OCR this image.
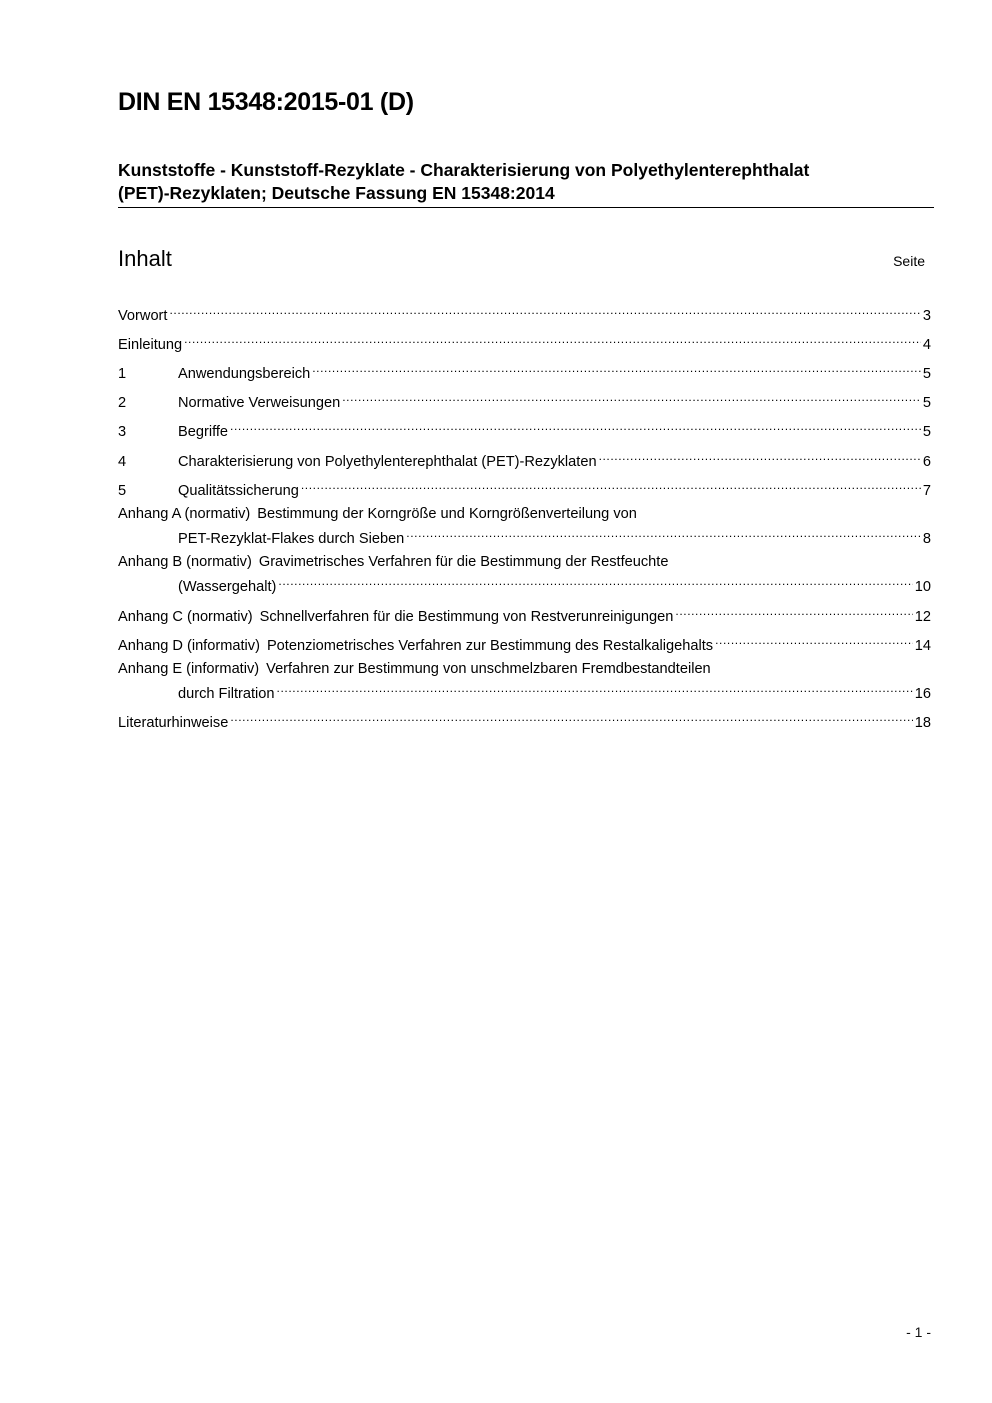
DIN EN 15348:2015-01 (D)
Kunststoffe - Kunststoff-Rezyklate - Charakterisierung von Polyethylenterephthalat
(PET)-Rezyklaten; Deutsche Fassung EN 15348:2014
Inhalt	Seite
Vorwort .....	3
Einleitung .....	4
1	Anwendungsbereich .....	5
2	Normative Verweisungen .....	5
3	Begriffe .....	5
4	Charakterisierung von Polyethylenterephthalat (PET)-Rezyklaten .....	6
5	Qualitätssicherung .....	7
Anhang A (normativ) Bestimmung der Korngröße und Korngrößenverteilung von
PET-Rezyklat-Flakes durch Sieben .....	8
Anhang B (normativ) Gravimetrisches Verfahren für die Bestimmung der Restfeuchte
(Wassergehalt) .....	10
Anhang C (normativ) Schnellverfahren für die Bestimmung von Restverunreinigungen .....	12
Anhang D (informativ) Potenziometrisches Verfahren zur Bestimmung des Restalkaligehalts .....	14
Anhang E (informativ) Verfahren zur Bestimmung von unschmelzbaren Fremdbestandteilen
durch Filtration .....	16
Literaturhinweise .....	18
- 1 -
